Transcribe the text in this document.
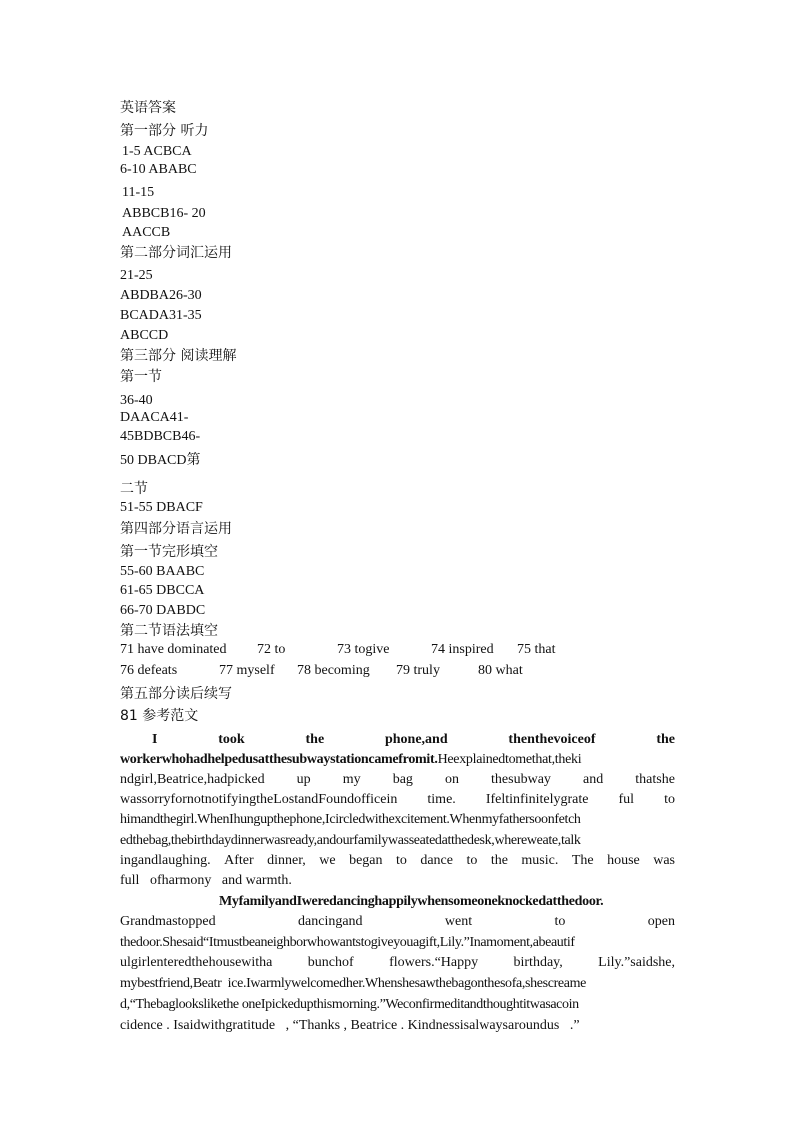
英语答案
第一部分 听力
1-5 ACBCA
6-10 ABABC
11-15
ABBCB16- 20
AACCB
第二部分词汇运用
21-25
ABDBA26-30
BCADA31-35
ABCCD
第三部分 阅读理解
第一节
36-40
DAACA41-
45BDBCB46-
50 DBACD第
二节
51-55 DBACF
第四部分语言运用
第一节完形填空
55-60 BAABC
61-65 DBCCA
66-70 DABDC
第二节语法填空
71 have dominated 72 to	73 togive	74 inspired 75 that
76 defeats	77 myself 78 becoming 79 truly	80 what
第五部分读后续写
81 参考范文
I	took	the	phone,and	thenthevoiceof	the
workerwhohadhelpedusatthesubwaystationcamefromit.Heexplainedtomethat,theki
ndgirl,Beatrice,hadpicked up my bag on thesubway and thatshe
wassorryfornotnotifyingtheLostandFoundofficein time. Ifeltinfinitelygrate ful to
himandthegirl.WhenIhungupthephone,Icircledwithexcitement.Whenmyfathersoonfetch
edthebag,thebirthdaydinnerwasready,andourfamilywasseatedatthedesk,whereweate,talk
ingandlaughing. After dinner, we began to dance to the music. The house was
full   ofharmony   and warmth.
MyfamilyandIweredancinghappilywhensomeoneknockedatthedoor.
Grandmastopped	dancingand	went	to	open
thedoor.Shesaid“Itmustbeaneighborwhowantstogiveyouagift,Lily.”Inamoment,abeautif
ulgirlenteredthehousewitha	bunchof	flowers.“Happy	birthday,	Lily.”saidshe,
mybestfriend,Beatr  ice.Iwarmlywelcomedher.Whenshesawthebagonthesofa,shescreame
d,“Thebaglookslikethe oneIpickedupthismorning.”Weconfirmeditandthoughtitwasacoin
cidence . Isaidwithgratitude   , “Thanks , Beatrice . Kindnessisalwaysaroundus   .”
